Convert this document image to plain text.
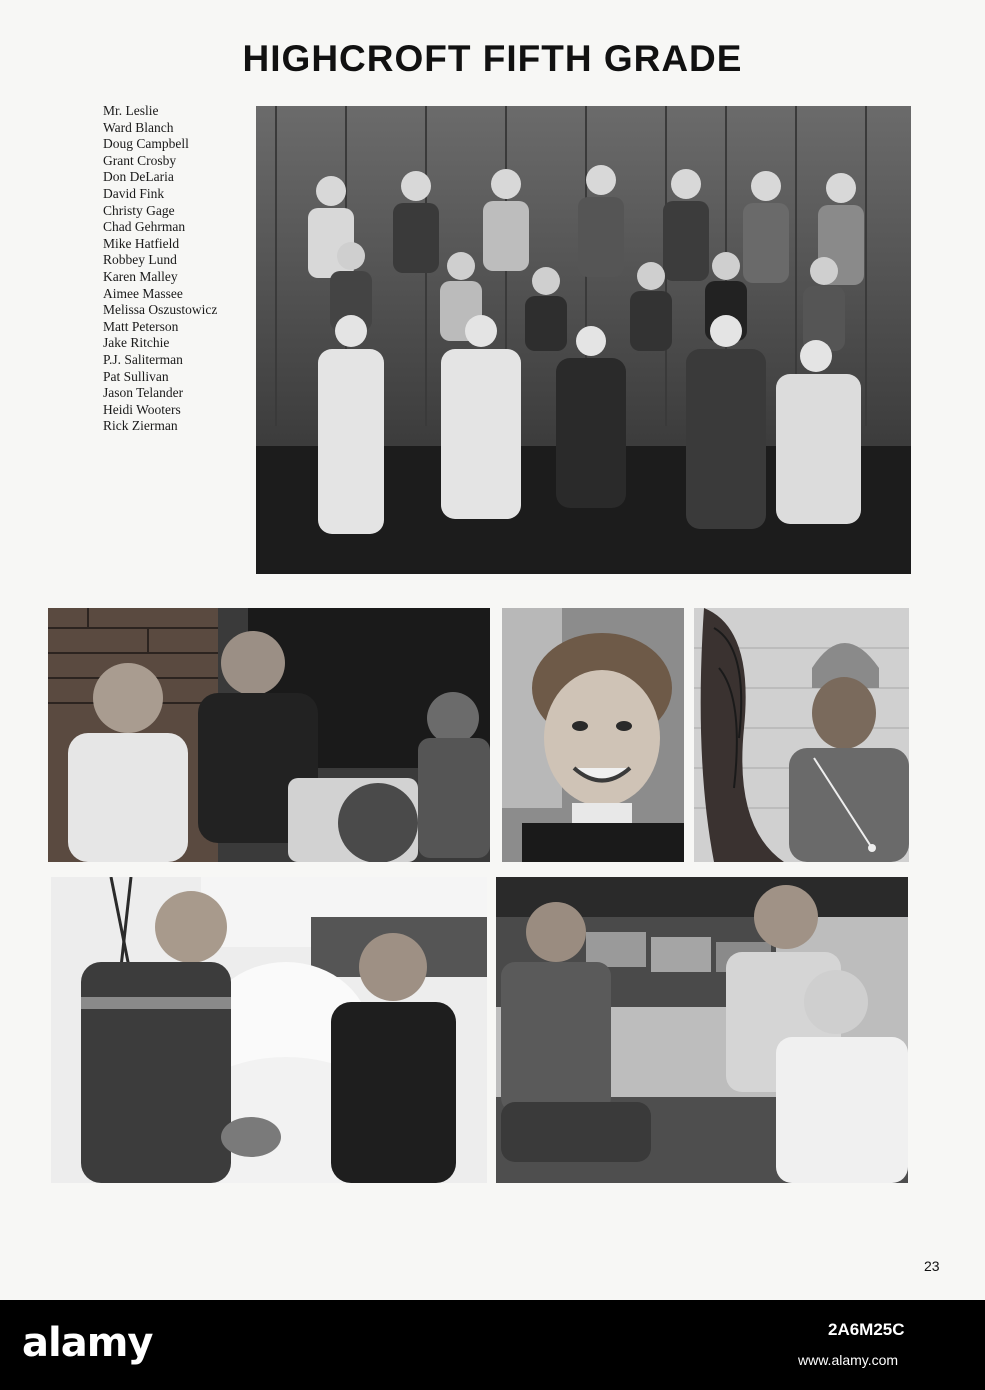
HIGHCROFT FIFTH GRADE
Mr. Leslie
Ward Blanch
Doug Campbell
Grant Crosby
Don DeLaria
David Fink
Christy Gage
Chad Gehrman
Mike Hatfield
Robbey Lund
Karen Malley
Aimee Massee
Melissa Oszustowicz
Matt Peterson
Jake Ritchie
P.J. Saliterman
Pat Sullivan
Jason Telander
Heidi Wooters
Rick Zierman
23
alamy	2A6M25C
www.alamy.com
